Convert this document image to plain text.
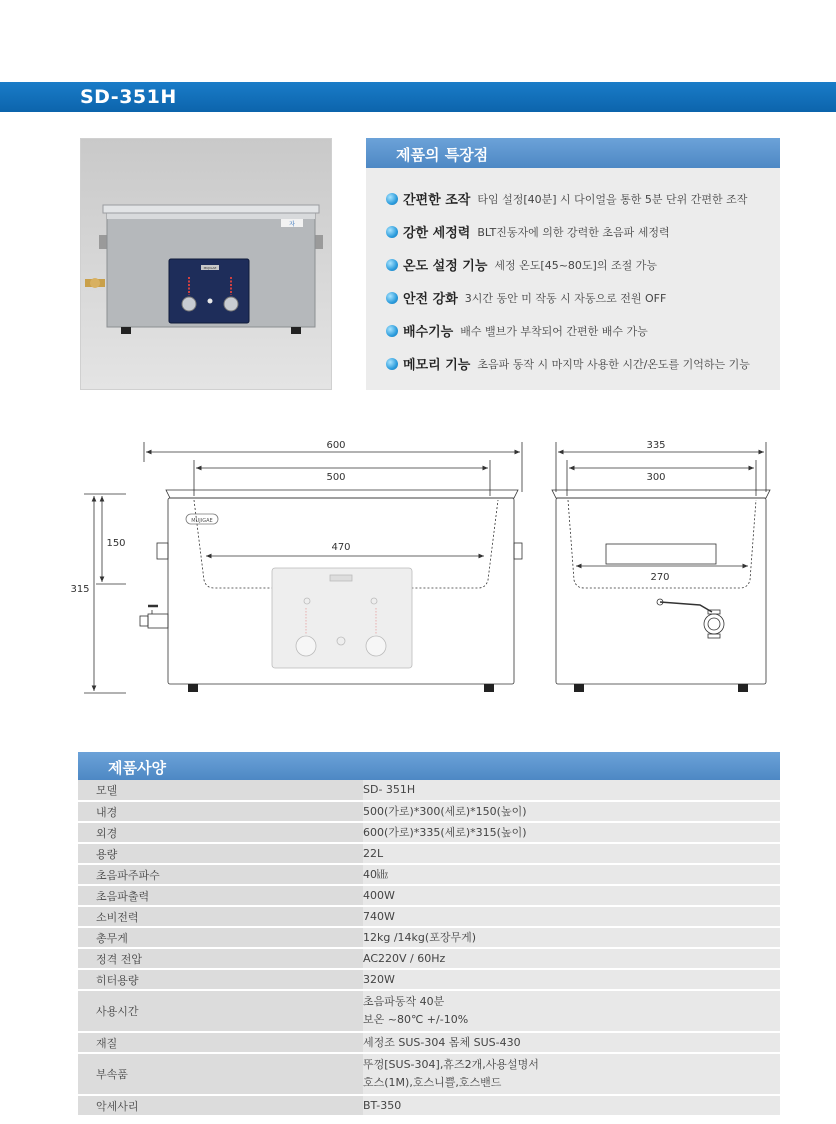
SD-351H
자
MUJIGAE
제품의 특장점
간편한 조작 타임 설정[40분] 시 다이얼을 통한 5분 단위 간편한 조작
강한 세정력 BLT진동자에 의한 강력한 초음파 세정력
온도 설정 기능 세정 온도[45~80도]의 조절 가능
안전 강화 3시간 동안 미 작동 시 자동으로 전원 OFF
배수기능 배수 밸브가 부착되어 간편한 배수 가능
메모리 기능 초음파 동작 시 마지막 사용한 시간/온도를 기억하는 기능
600
500
470
MUJIGAE
150
315
335
300
270
제품사양
모델	SD- 351H

내경	500(가로)*300(세로)*150(높이)

외경	600(가로)*335(세로)*315(높이)

용량	22L

초음파주파수	40㎑

초음파출력	400W

소비전력	740W

총무게	12kg /14kg(포장무게)

정격 전압	AC220V / 60Hz

히터용량	320W

사용시간	초음파동작 40분
보온 ~80℃ +/-10%

재질	세정조 SUS-304 몸체 SUS-430

부속품	뚜껑[SUS-304],휴즈2개,사용설명서
호스(1M),호스니쁠,호스밴드

악세사리	BT-350
